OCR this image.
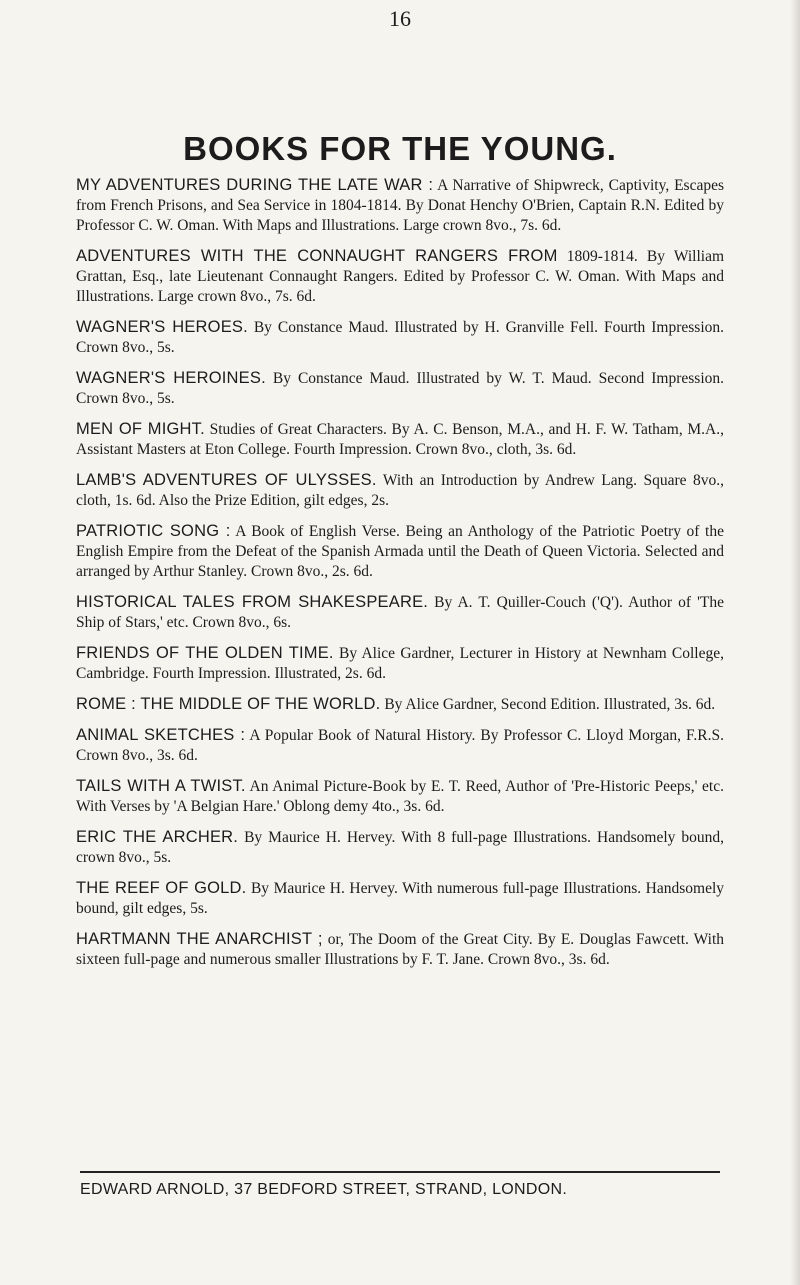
16
BOOKS FOR THE YOUNG.

MY ADVENTURES DURING THE LATE WAR : A Narrative of Shipwreck, Captivity, Escapes from French Prisons, and Sea Service in 1804-1814. By Donat Henchy O'Brien, Captain R.N. Edited by Professor C. W. Oman. With Maps and Illustrations. Large crown 8vo., 7s. 6d.

ADVENTURES WITH THE CONNAUGHT RANGERS FROM 1809-1814. By William Grattan, Esq., late Lieutenant Connaught Rangers. Edited by Professor C. W. Oman. With Maps and Illustrations. Large crown 8vo., 7s. 6d.

WAGNER'S HEROES. By Constance Maud. Illustrated by H. Granville Fell. Fourth Impression. Crown 8vo., 5s.

WAGNER'S HEROINES. By Constance Maud. Illustrated by W. T. Maud. Second Impression. Crown 8vo., 5s.

MEN OF MIGHT. Studies of Great Characters. By A. C. Benson, M.A., and H. F. W. Tatham, M.A., Assistant Masters at Eton College. Fourth Impression. Crown 8vo., cloth, 3s. 6d.

LAMB'S ADVENTURES OF ULYSSES. With an Introduction by Andrew Lang. Square 8vo., cloth, 1s. 6d. Also the Prize Edition, gilt edges, 2s.

PATRIOTIC SONG : A Book of English Verse. Being an Anthology of the Patriotic Poetry of the English Empire from the Defeat of the Spanish Armada until the Death of Queen Victoria. Selected and arranged by Arthur Stanley. Crown 8vo., 2s. 6d.

HISTORICAL TALES FROM SHAKESPEARE. By A. T. Quiller-Couch ('Q'). Author of 'The Ship of Stars,' etc. Crown 8vo., 6s.

FRIENDS OF THE OLDEN TIME. By Alice Gardner, Lecturer in History at Newnham College, Cambridge. Fourth Impression. Illustrated, 2s. 6d.

ROME : THE MIDDLE OF THE WORLD. By Alice Gardner, Second Edition. Illustrated, 3s. 6d.

ANIMAL SKETCHES : A Popular Book of Natural History. By Professor C. Lloyd Morgan, F.R.S. Crown 8vo., 3s. 6d.

TAILS WITH A TWIST. An Animal Picture-Book by E. T. Reed, Author of 'Pre-Historic Peeps,' etc. With Verses by 'A Belgian Hare.' Oblong demy 4to., 3s. 6d.

ERIC THE ARCHER. By Maurice H. Hervey. With 8 full-page Illustrations. Handsomely bound, crown 8vo., 5s.

THE REEF OF GOLD. By Maurice H. Hervey. With numerous full-page Illustrations. Handsomely bound, gilt edges, 5s.

HARTMANN THE ANARCHIST ; or, The Doom of the Great City. By E. Douglas Fawcett. With sixteen full-page and numerous smaller Illustrations by F. T. Jane. Crown 8vo., 3s. 6d.

EDWARD ARNOLD, 37 BEDFORD STREET, STRAND, LONDON.
